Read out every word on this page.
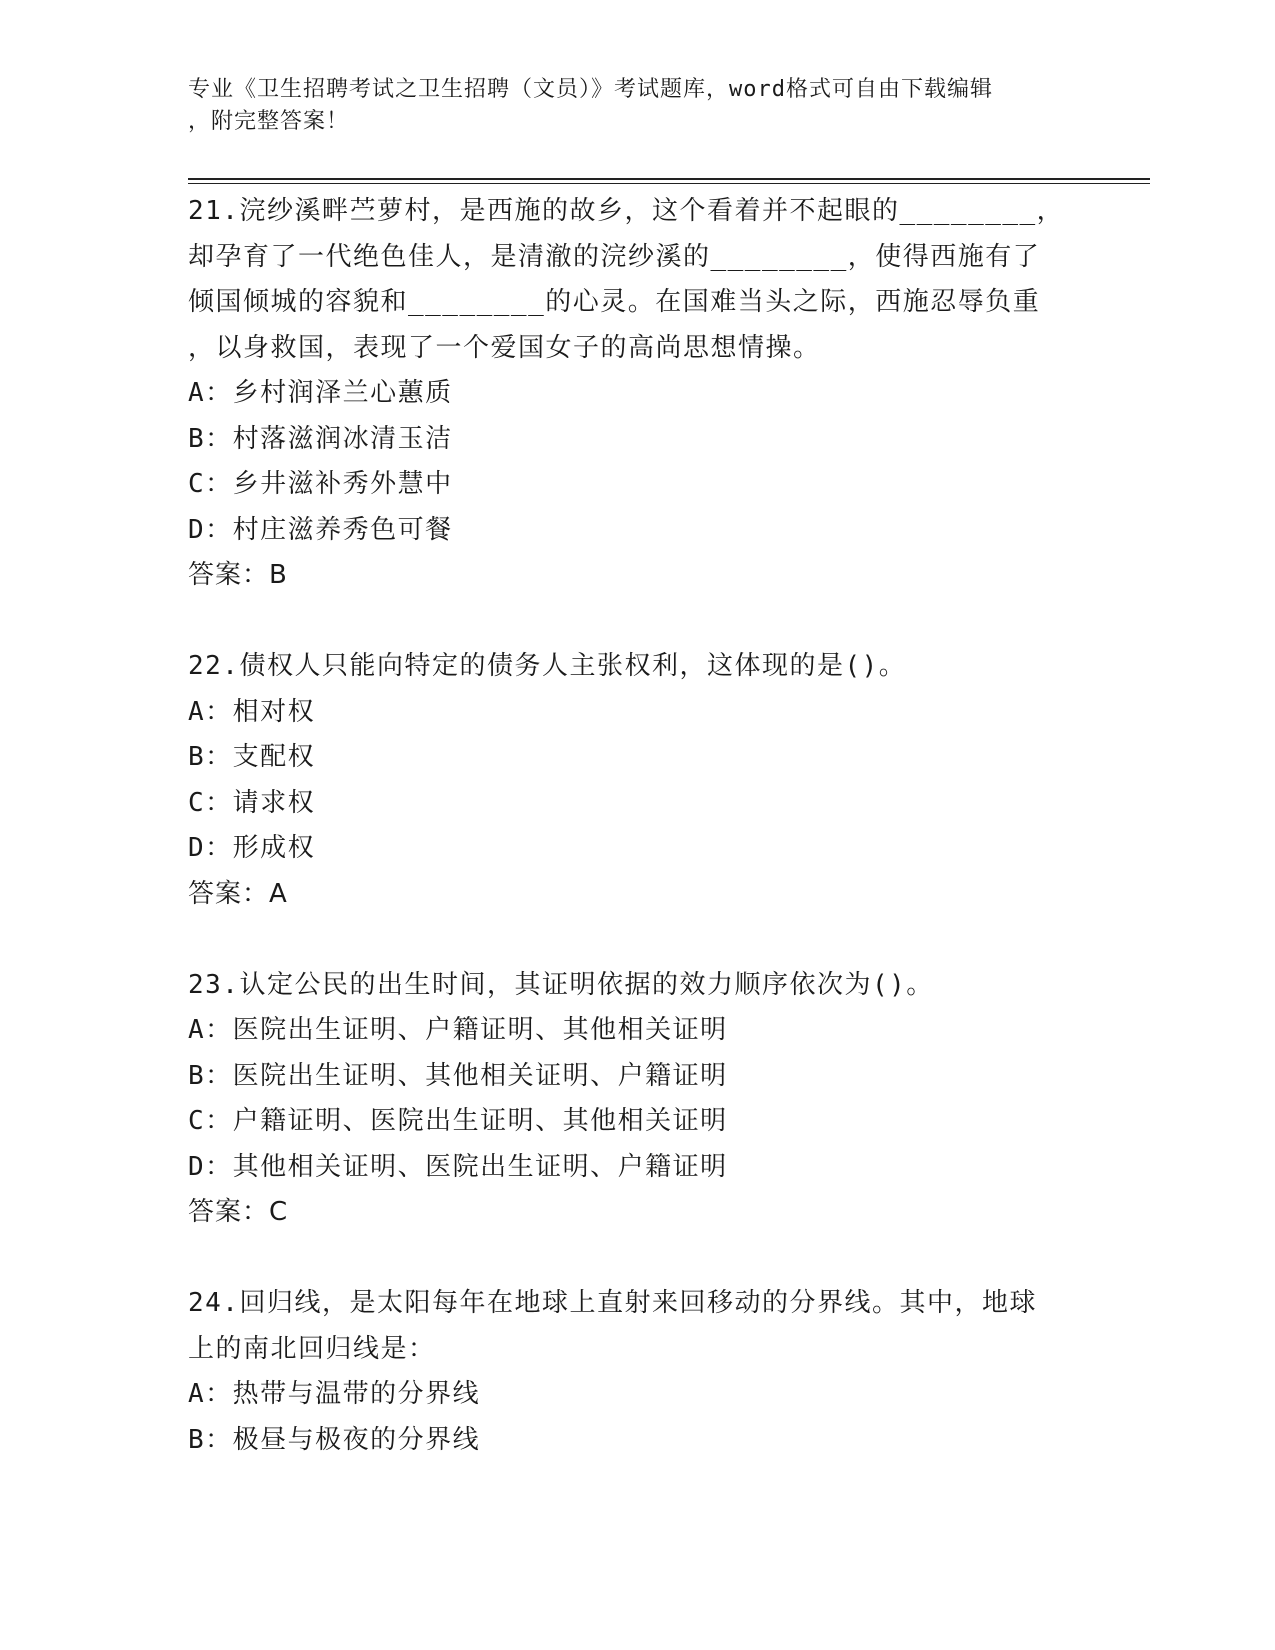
专业《卫生招聘考试之卫生招聘（文员）》考试题库，word格式可自由下载编辑
，附完整答案！
21.浣纱溪畔苎萝村，是西施的故乡，这个看着并不起眼的________，
却孕育了一代绝色佳人，是清澈的浣纱溪的________，使得西施有了
倾国倾城的容貌和________的心灵。在国难当头之际，西施忍辱负重
，以身救国，表现了一个爱国女子的高尚思想情操。
A：乡村润泽兰心蕙质
B：村落滋润冰清玉洁
C：乡井滋补秀外慧中
D：村庄滋养秀色可餐
答案：B
22.债权人只能向特定的债务人主张权利，这体现的是()。
A：相对权
B：支配权
C：请求权
D：形成权
答案：A
23.认定公民的出生时间，其证明依据的效力顺序依次为()。
A：医院出生证明、户籍证明、其他相关证明
B：医院出生证明、其他相关证明、户籍证明
C：户籍证明、医院出生证明、其他相关证明
D：其他相关证明、医院出生证明、户籍证明
答案：C
24.回归线，是太阳每年在地球上直射来回移动的分界线。其中，地球
上的南北回归线是：
A：热带与温带的分界线
B：极昼与极夜的分界线
